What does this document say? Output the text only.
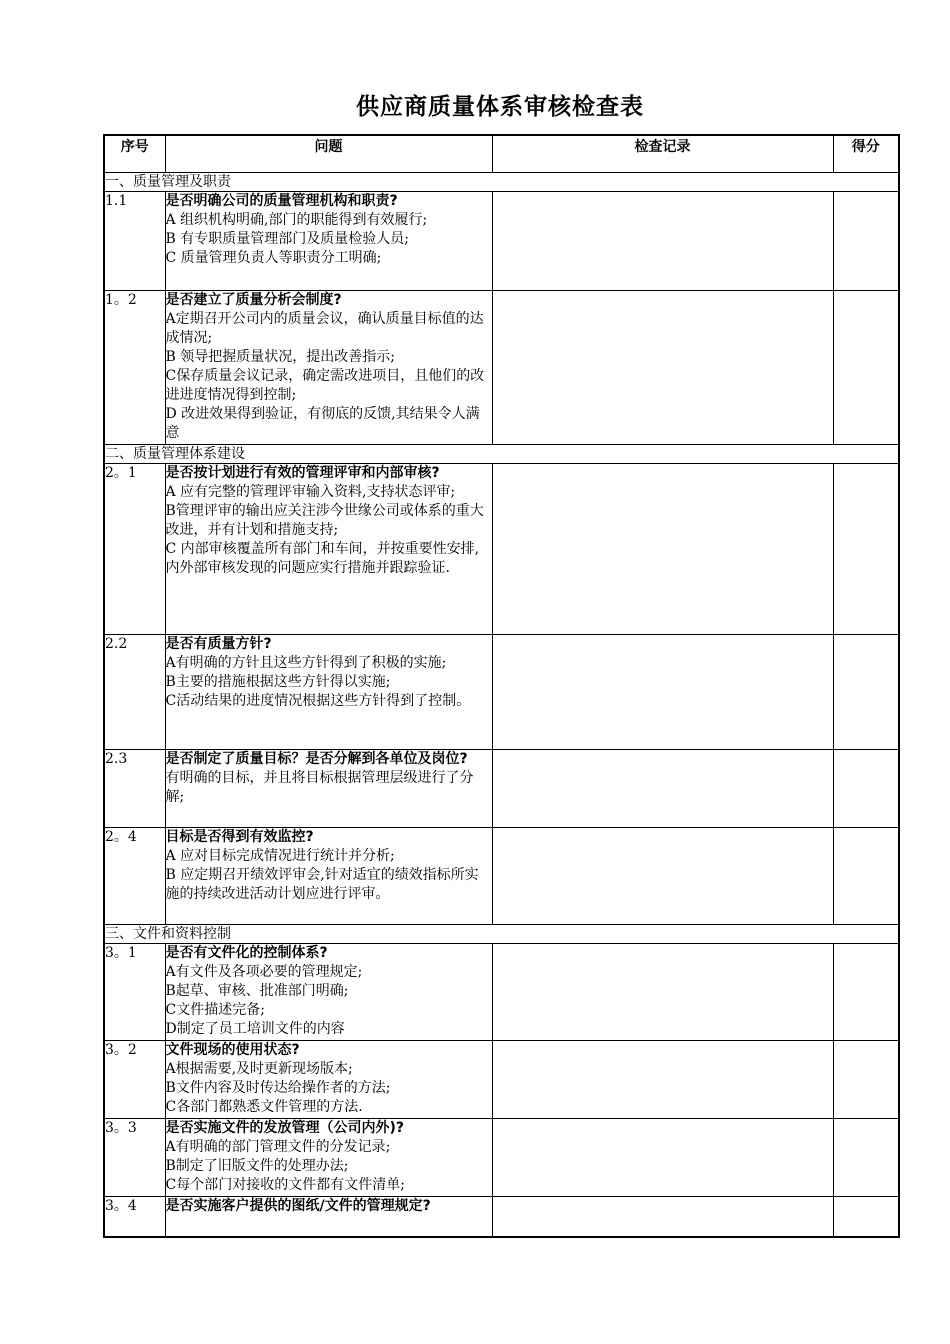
供应商质量体系审核检查表
序号	问题	检查记录	得分
一、质量管理及职责			
1.1	是否明确公司的质量管理机构和职责?
A 组织机构明确,部门的职能得到有效履行;
B 有专职质量管理部门及质量检验人员;
C 质量管理负责人等职责分工明确;		

1。2	是否建立了质量分析会制度?
A定期召开公司内的质量会议，确认质量目标值的达成情况;
B 领导把握质量状况，提出改善指示;
C保存质量会议记录，确定需改进项目，且他们的改进进度情况得到控制;
D 改进效果得到验证，有彻底的反馈,其结果令人满意		

二、质量管理体系建设			
2。1	是否按计划进行有效的管理评审和内部审核?
A 应有完整的管理评审输入资料,支持状态评审;
B管理评审的输出应关注涉今世缘公司或体系的重大改进，并有计划和措施支持;
C 内部审核覆盖所有部门和车间，并按重要性安排,内外部审核发现的问题应实行措施并跟踪验证.		

2.2	是否有质量方针?
A有明确的方针且这些方针得到了积极的实施;
B主要的措施根据这些方针得以实施;
C活动结果的进度情况根据这些方针得到了控制。		

2.3	是否制定了质量目标？是否分解到各单位及岗位?
有明确的目标，并且将目标根据管理层级进行了分解;		

2。4	目标是否得到有效监控?
A 应对目标完成情况进行统计并分析;
B 应定期召开绩效评审会,针对适宜的绩效指标所实施的持续改进活动计划应进行评审。		

三、文件和资料控制			
3。1	是否有文件化的控制体系?
A有文件及各项必要的管理规定;
B起草、审核、批准部门明确;
C文件描述完备;
D制定了员工培训文件的内容		

3。2	文件现场的使用状态?
A根据需要,及时更新现场版本;
B文件内容及时传达给操作者的方法;
C各部门都熟悉文件管理的方法.		

3。3	是否实施文件的发放管理（公司内外)?
A有明确的部门管理文件的分发记录;
B制定了旧版文件的处理办法;
C每个部门对接收的文件都有文件清单;		

3。4	是否实施客户提供的图纸/文件的管理规定?		
